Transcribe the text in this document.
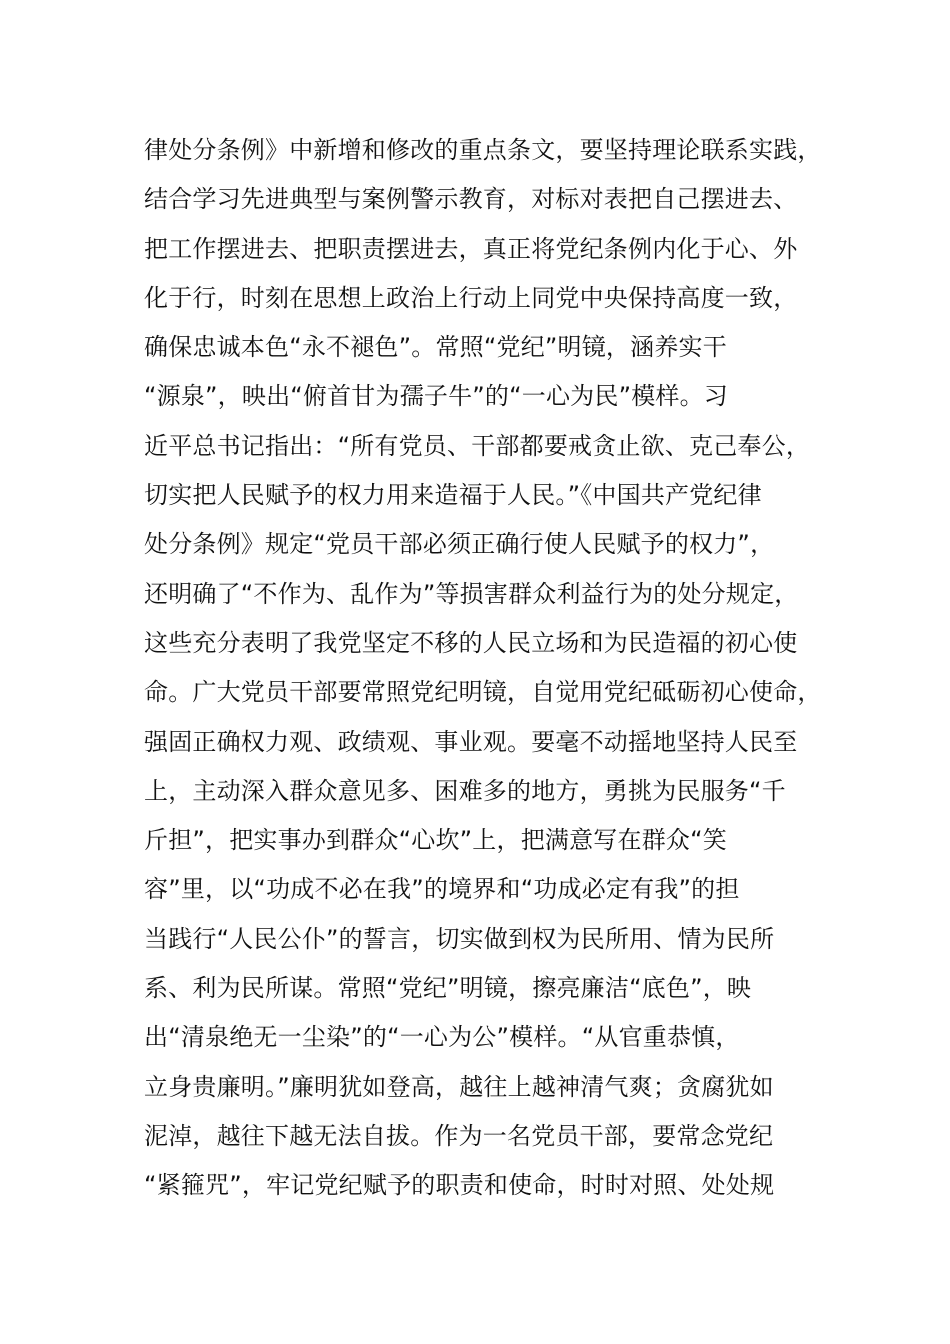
律处分条例》中新增和修改的重点条文，要坚持理论联系实践，
结合学习先进典型与案例警示教育，对标对表把自己摆进去、
把工作摆进去、把职责摆进去，真正将党纪条例内化于心、外
化于行，时刻在思想上政治上行动上同党中央保持高度一致，
确保忠诚本色“永不褪色”。常照“党纪”明镜，涵养实干
“源泉”，映出“俯首甘为孺子牛”的“一心为民”模样。习
近平总书记指出：“所有党员、干部都要戒贪止欲、克己奉公，
切实把人民赋予的权力用来造福于人民。”《中国共产党纪律
处分条例》规定“党员干部必须正确行使人民赋予的权力”，
还明确了“不作为、乱作为”等损害群众利益行为的处分规定，
这些充分表明了我党坚定不移的人民立场和为民造福的初心使
命。广大党员干部要常照党纪明镜，自觉用党纪砥砺初心使命，
强固正确权力观、政绩观、事业观。要毫不动摇地坚持人民至
上，主动深入群众意见多、困难多的地方，勇挑为民服务“千
斤担”，把实事办到群众“心坎”上，把满意写在群众“笑
容”里，以“功成不必在我”的境界和“功成必定有我”的担
当践行“人民公仆”的誓言，切实做到权为民所用、情为民所
系、利为民所谋。常照“党纪”明镜，擦亮廉洁“底色”，映
出“清泉绝无一尘染”的“一心为公”模样。“从官重恭慎，
立身贵廉明。”廉明犹如登高，越往上越神清气爽；贪腐犹如
泥淖，越往下越无法自拔。作为一名党员干部，要常念党纪
“紧箍咒”，牢记党纪赋予的职责和使命，时时对照、处处规
